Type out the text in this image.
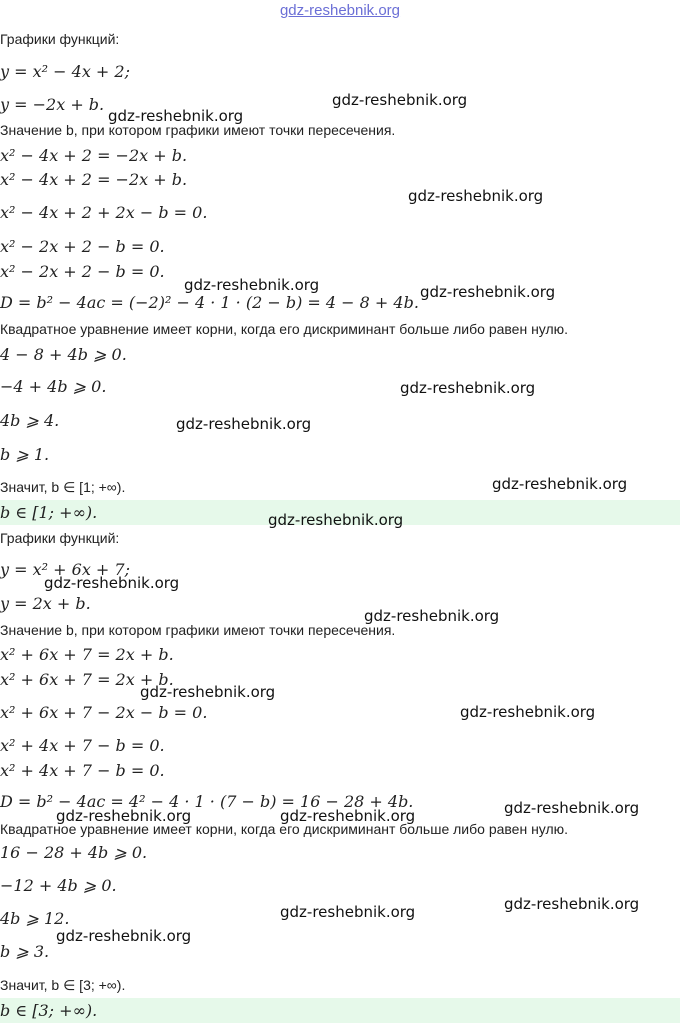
gdz-reshebnik.org
Графики функций:
y = x² − 4x + 2;
y = −2x + b.
Значение b, при котором графики имеют точки пересечения.
x² − 4x + 2 = −2x + b.
x² − 4x + 2 = −2x + b.
x² − 4x + 2 + 2x − b = 0.
x² − 2x + 2 − b = 0.
x² − 2x + 2 − b = 0.
D = b² − 4ac = (−2)² − 4 · 1 · (2 − b) = 4 − 8 + 4b.
Квадратное уравнение имеет корни, когда его дискриминант больше либо равен нулю.
4 − 8 + 4b ⩾ 0.
−4 + 4b ⩾ 0.
4b ⩾ 4.
b ⩾ 1.
Значит, b ∈ [1; +∞).
b ∈ [1; +∞).
Графики функций:
y = x² + 6x + 7;
y = 2x + b.
Значение b, при котором графики имеют точки пересечения.
x² + 6x + 7 = 2x + b.
x² + 6x + 7 = 2x + b.
x² + 6x + 7 − 2x − b = 0.
x² + 4x + 7 − b = 0.
x² + 4x + 7 − b = 0.
D = b² − 4ac = 4² − 4 · 1 · (7 − b) = 16 − 28 + 4b.
Квадратное уравнение имеет корни, когда его дискриминант больше либо равен нулю.
16 − 28 + 4b ⩾ 0.
−12 + 4b ⩾ 0.
4b ⩾ 12.
b ⩾ 3.
Значит, b ∈ [3; +∞).
b ∈ [3; +∞).
gdz-reshebnik.org
gdz-reshebnik.org
gdz-reshebnik.org
gdz-reshebnik.org	gdz-reshebnik.org
gdz-reshebnik.org
gdz-reshebnik.org
gdz-reshebnik.org
gdz-reshebnik.org
gdz-reshebnik.org
gdz-reshebnik.org
gdz-reshebnik.org
gdz-reshebnik.org
gdz-reshebnik.org
gdz-reshebnik.org	gdz-reshebnik.org
gdz-reshebnik.org
gdz-reshebnik.org
gdz-reshebnik.org
